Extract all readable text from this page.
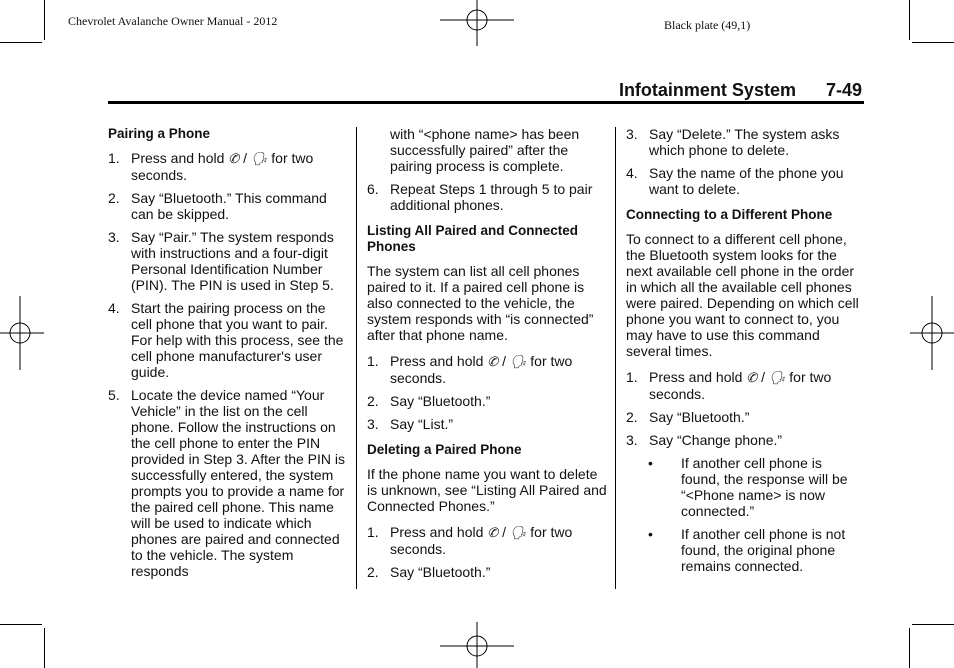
Chevrolet Avalanche Owner Manual - 2012	Black plate (49,1)
Infotainment System 7-49
Pairing a Phone
1. Press and hold ✆ / 🗣 for two seconds.
2. Say “Bluetooth.” This command can be skipped.
3. Say “Pair.” The system responds with instructions and a four-digit Personal Identification Number (PIN). The PIN is used in Step 5.
4. Start the pairing process on the cell phone that you want to pair. For help with this process, see the cell phone manufacturer's user guide.
5. Locate the device named “Your Vehicle” in the list on the cell phone. Follow the instructions on the cell phone to enter the PIN provided in Step 3. After the PIN is successfully entered, the system prompts you to provide a name for the paired cell phone. This name will be used to indicate which phones are paired and connected to the vehicle. The system responds
with “<phone name> has been successfully paired” after the pairing process is complete.
6. Repeat Steps 1 through 5 to pair additional phones.
Listing All Paired and Connected Phones
The system can list all cell phones paired to it. If a paired cell phone is also connected to the vehicle, the system responds with “is connected” after that phone name.
1. Press and hold ✆ / 🗣 for two seconds.
2. Say “Bluetooth.”
3. Say “List.”
Deleting a Paired Phone
If the phone name you want to delete is unknown, see “Listing All Paired and Connected Phones.”
1. Press and hold ✆ / 🗣 for two seconds.
2. Say “Bluetooth.”
3. Say “Delete.” The system asks which phone to delete.
4. Say the name of the phone you want to delete.
Connecting to a Different Phone
To connect to a different cell phone, the Bluetooth system looks for the next available cell phone in the order in which all the available cell phones were paired. Depending on which cell phone you want to connect to, you may have to use this command several times.
1. Press and hold ✆ / 🗣 for two seconds.
2. Say “Bluetooth.”
3. Say “Change phone.”
•	If another cell phone is found, the response will be “<Phone name> is now connected.”
•	If another cell phone is not found, the original phone remains connected.
